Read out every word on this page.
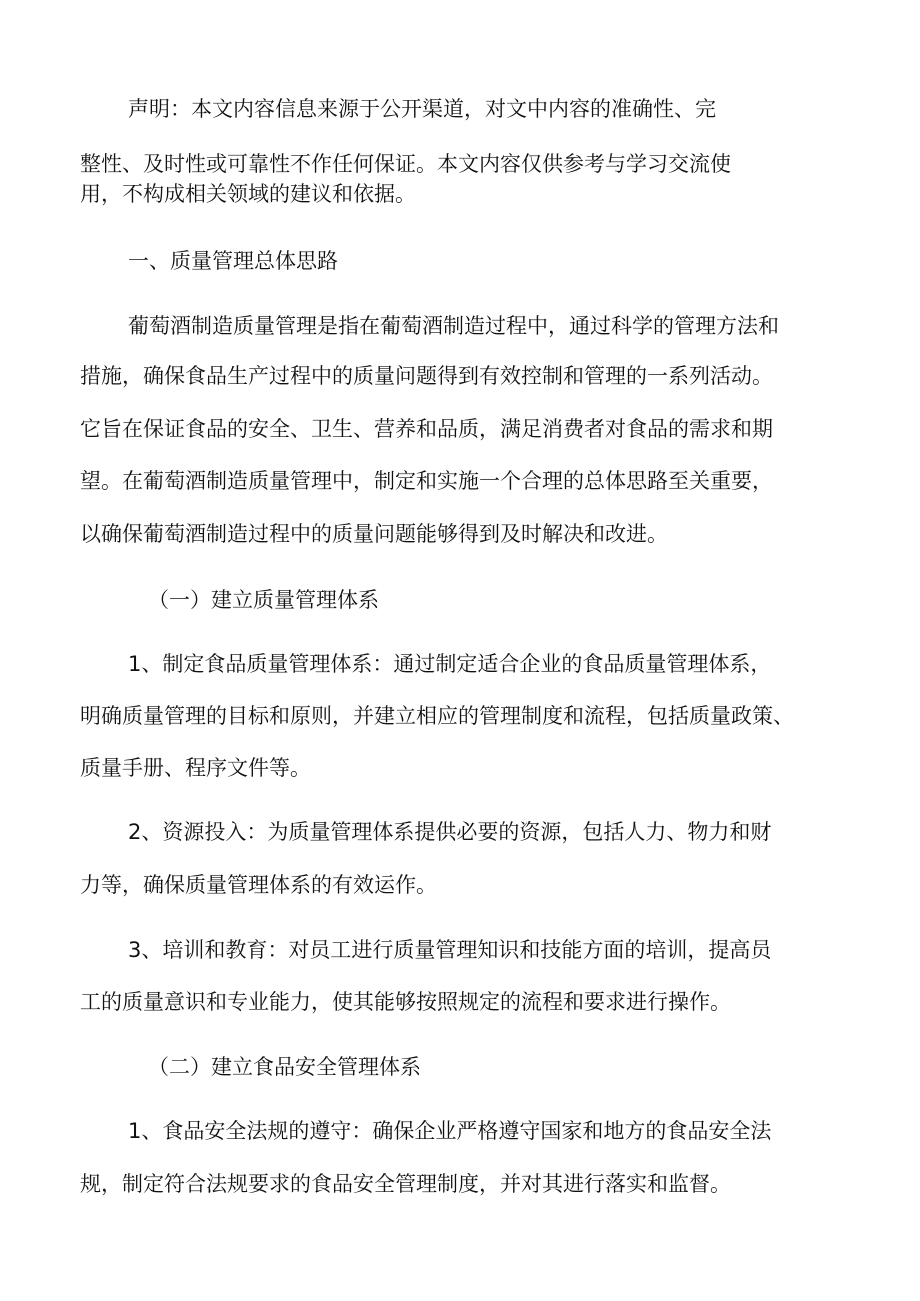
声明：本文内容信息来源于公开渠道，对文中内容的准确性、完
整性、及时性或可靠性不作任何保证。本文内容仅供参考与学习交流使
用，不构成相关领域的建议和依据。
一、质量管理总体思路
葡萄酒制造质量管理是指在葡萄酒制造过程中，通过科学的管理方法和
措施，确保食品生产过程中的质量问题得到有效控制和管理的一系列活动。
它旨在保证食品的安全、卫生、营养和品质，满足消费者对食品的需求和期
望。在葡萄酒制造质量管理中，制定和实施一个合理的总体思路至关重要，
以确保葡萄酒制造过程中的质量问题能够得到及时解决和改进。
（一）建立质量管理体系
1、制定食品质量管理体系：通过制定适合企业的食品质量管理体系，
明确质量管理的目标和原则，并建立相应的管理制度和流程，包括质量政策、
质量手册、程序文件等。
2、资源投入：为质量管理体系提供必要的资源，包括人力、物力和财
力等，确保质量管理体系的有效运作。
3、培训和教育：对员工进行质量管理知识和技能方面的培训，提高员
工的质量意识和专业能力，使其能够按照规定的流程和要求进行操作。
（二）建立食品安全管理体系
1、食品安全法规的遵守：确保企业严格遵守国家和地方的食品安全法
规，制定符合法规要求的食品安全管理制度，并对其进行落实和监督。
